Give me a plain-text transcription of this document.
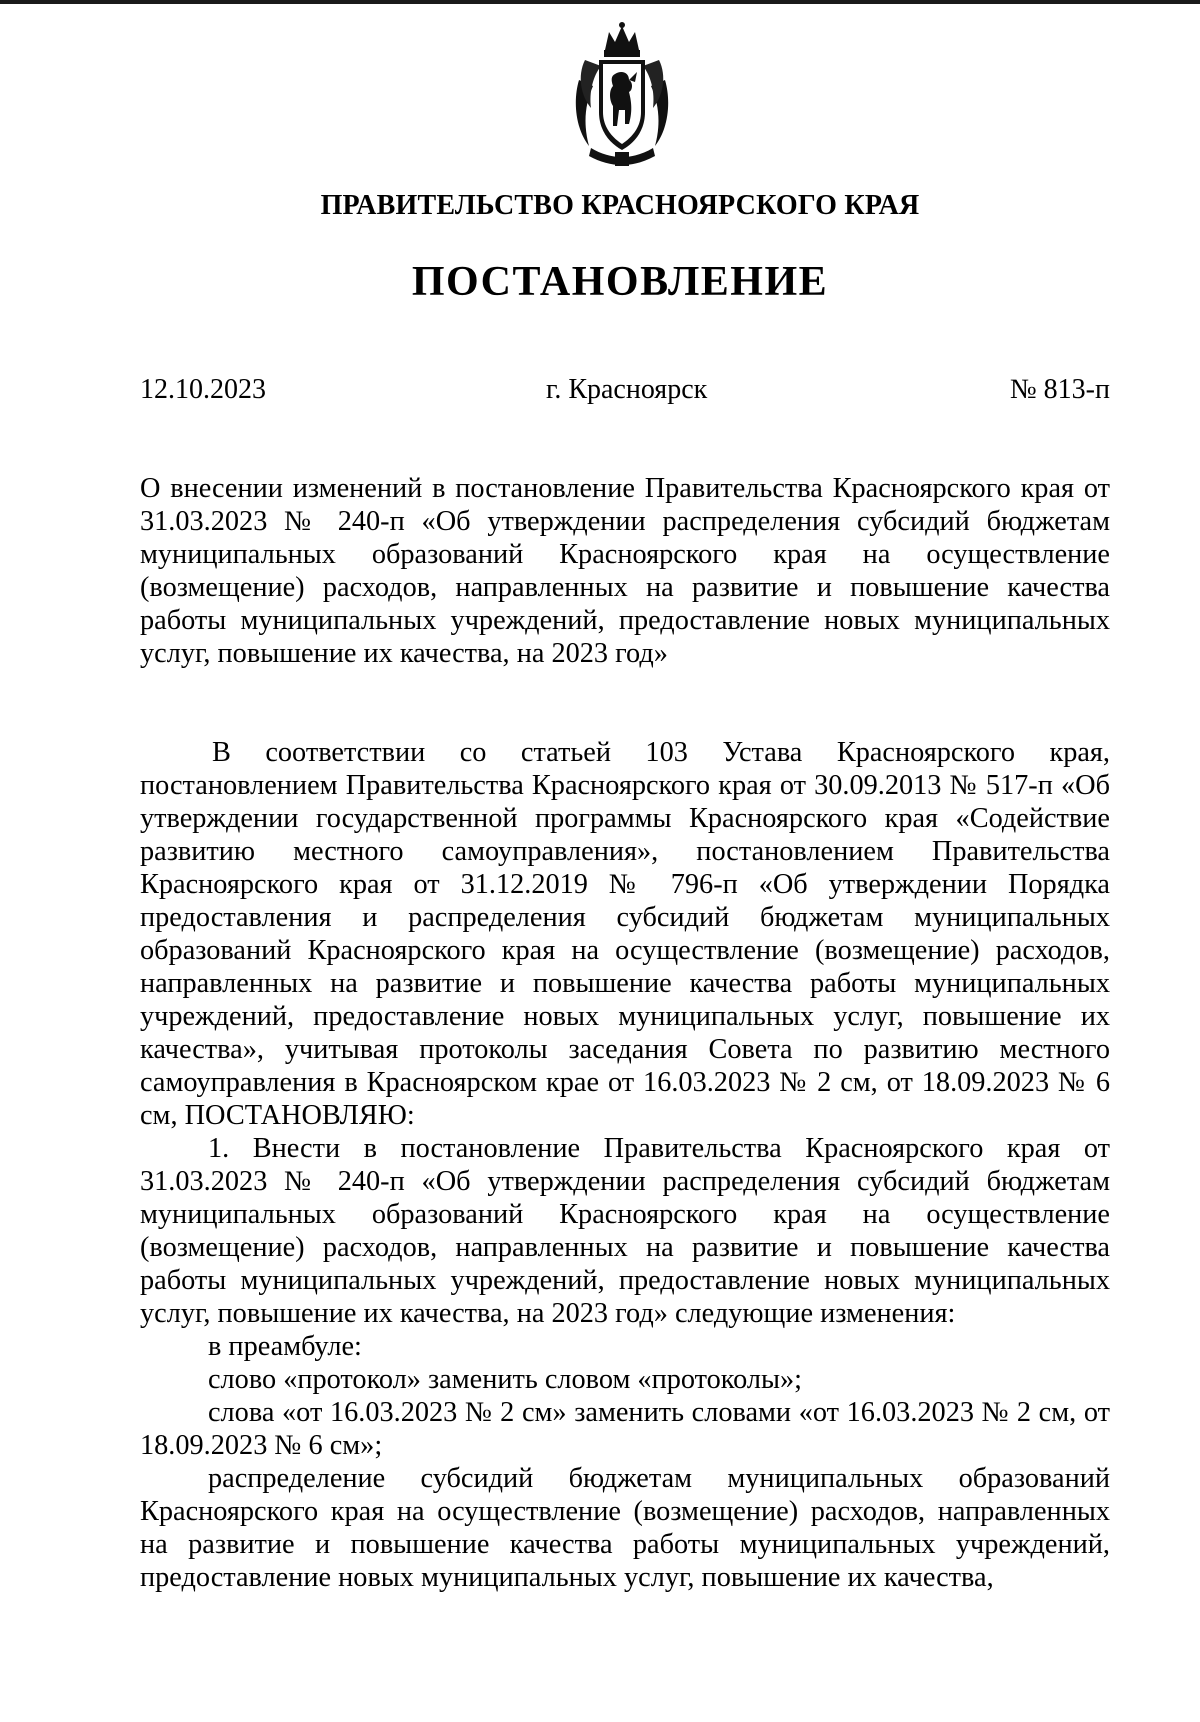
ПРАВИТЕЛЬСТВО КРАСНОЯРСКОГО КРАЯ
ПОСТАНОВЛЕНИЕ
12.10.2023	г. Красноярск	№ 813-п

О внесении изменений в постановление Правительства Красноярского края от 31.03.2023 № 240-п «Об утверждении распределения субсидий бюджетам муниципальных образований Красноярского края на осуществление (возмещение) расходов, направленных на развитие и повышение качества работы муниципальных учреждений, предоставление новых муниципальных услуг, повышение их качества, на 2023 год»

В соответствии со статьей 103 Устава Красноярского края, постановлением Правительства Красноярского края от 30.09.2013 № 517-п «Об утверждении государственной программы Красноярского края «Содействие развитию местного самоуправления», постановлением Правительства Красноярского края от 31.12.2019 № 796-п «Об утверждении Порядка предоставления и распределения субсидий бюджетам муниципальных образований Красноярского края на осуществление (возмещение) расходов, направленных на развитие и повышение качества работы муниципальных учреждений, предоставление новых муниципальных услуг, повышение их качества», учитывая протоколы заседания Совета по развитию местного самоуправления в Красноярском крае от 16.03.2023 № 2 см, от 18.09.2023 № 6 см, ПОСТАНОВЛЯЮ:

1. Внести в постановление Правительства Красноярского края от 31.03.2023 № 240-п «Об утверждении распределения субсидий бюджетам муниципальных образований Красноярского края на осуществление (возмещение) расходов, направленных на развитие и повышение качества работы муниципальных учреждений, предоставление новых муниципальных услуг, повышение их качества, на 2023 год» следующие изменения:

в преамбуле:

слово «протокол» заменить словом «протоколы»;

слова «от 16.03.2023 № 2 см» заменить словами «от 16.03.2023 № 2 см, от 18.09.2023 № 6 см»;

распределение субсидий бюджетам муниципальных образований Красноярского края на осуществление (возмещение) расходов, направленных на развитие и повышение качества работы муниципальных учреждений, предоставление новых муниципальных услуг, повышение их качества,
